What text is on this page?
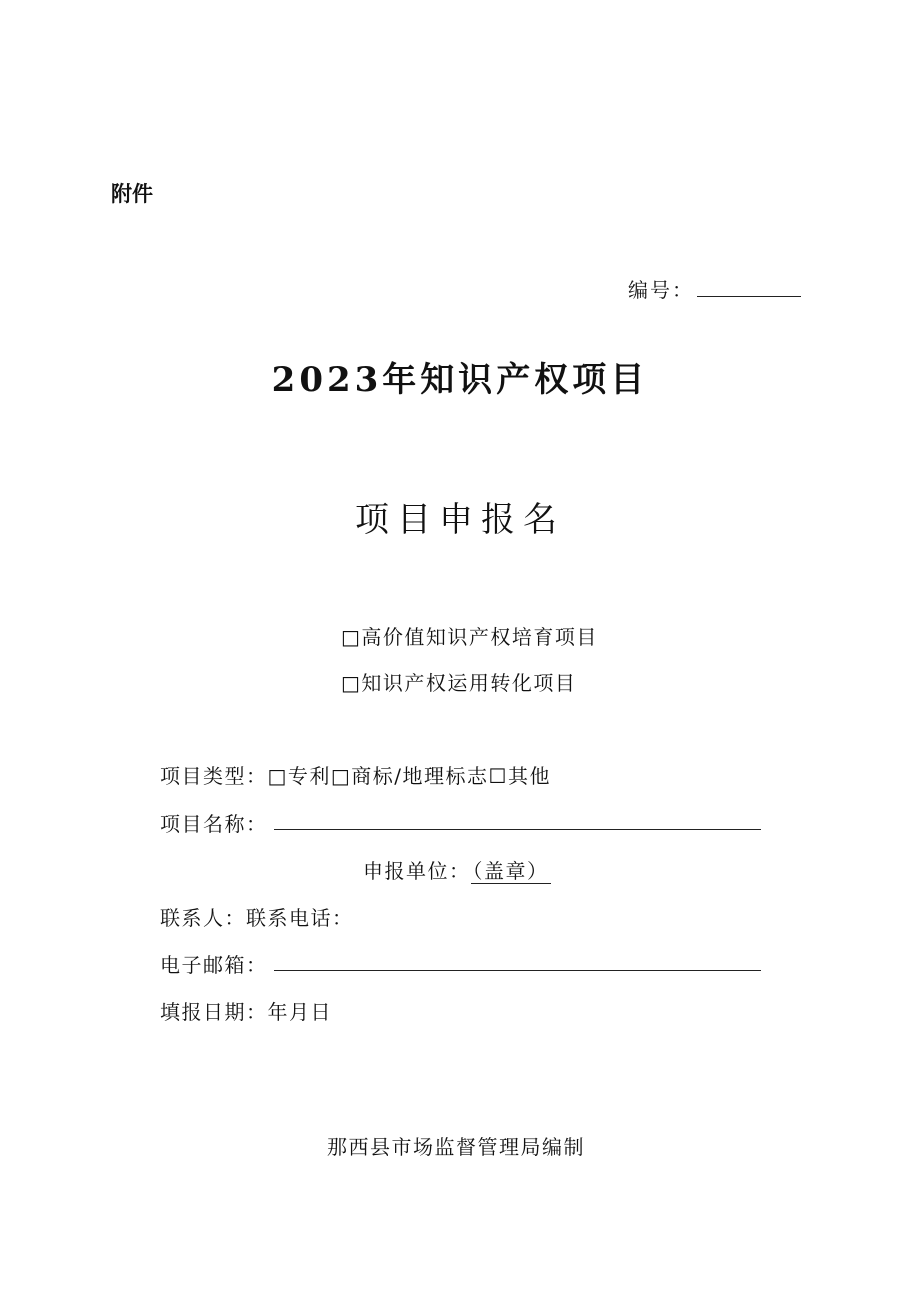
附件
编号：
2023年知识产权项目
项目申报名
□高价值知识产权培育项目
□知识产权运用转化项目
项目类型：□专利□商标/地理标志☐其他
项目名称：
申报单位： （盖章）
联系人：联系电话：
电子邮箱：
填报日期：年月日
那西县市场监督管理局编制
